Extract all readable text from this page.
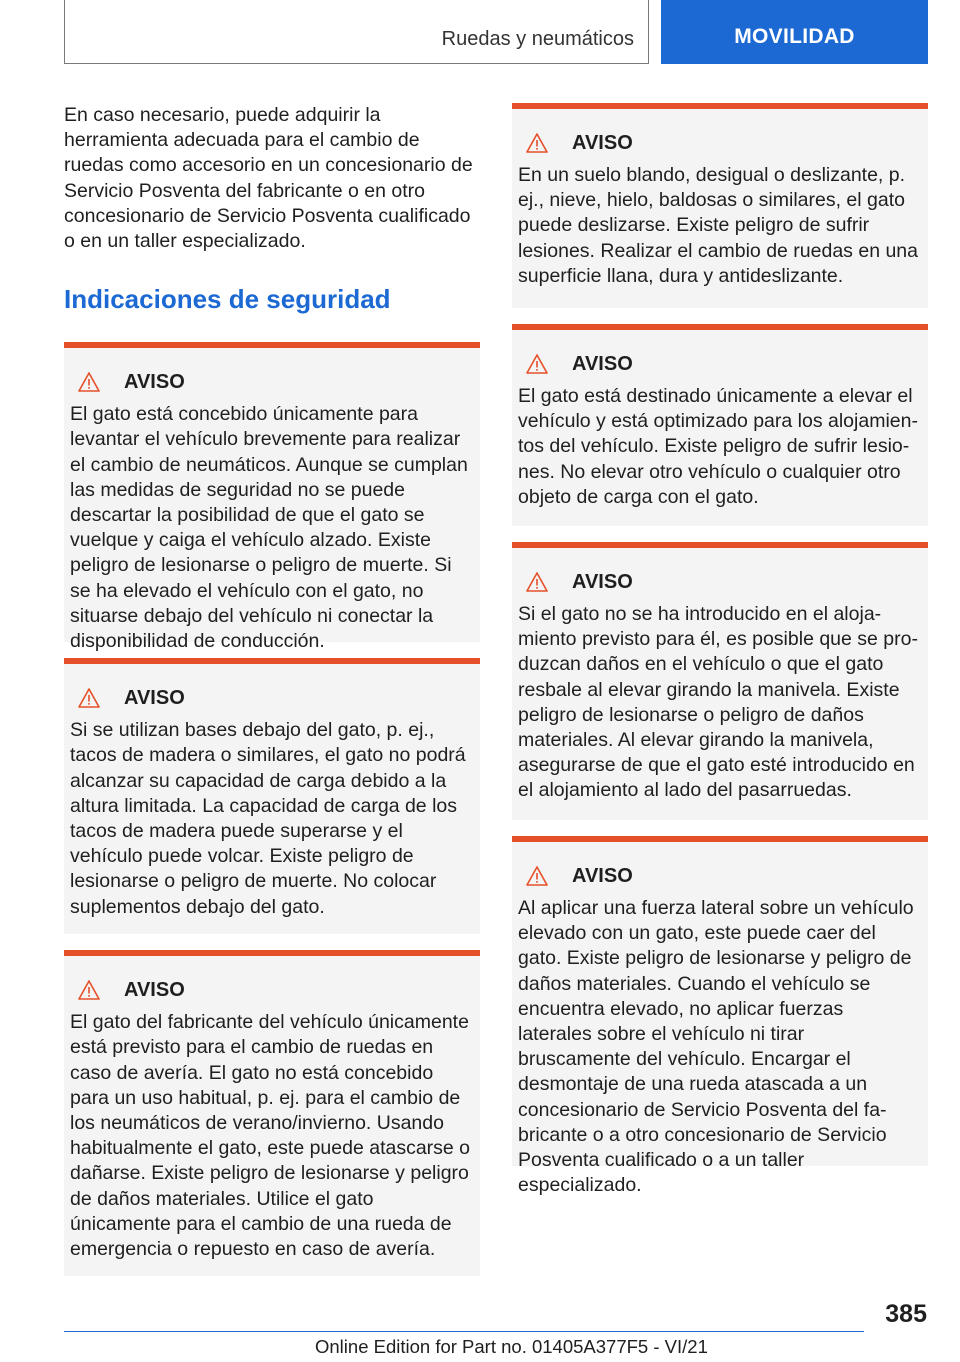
Ruedas y neumáticos	MOVILIDAD

En caso necesario, puede adquirir la herramienta adecuada para el cambio de ruedas como accesorio en un concesionario de Servicio Posventa del fabricante o en otro concesionario de Servicio Posventa cualificado o en un taller especializado.

Indicaciones de seguridad
AVISO

El gato está concebido únicamente para levantar el vehículo brevemente para realizar el cambio de neumáticos. Aunque se cumplan las medidas de seguridad no se puede descartar la posibilidad de que el gato se vuelque y caiga el vehículo alzado. Existe peligro de lesionarse o peligro de muerte. Si se ha elevado el vehículo con el gato, no situarse debajo del vehículo ni conectar la disponibilidad de conducción.

AVISO

Si se utilizan bases debajo del gato, p. ej., tacos de madera o similares, el gato no podrá alcanzar su capacidad de carga debido a la altura limitada. La capacidad de carga de los tacos de madera puede superarse y el vehículo puede volcar. Existe peligro de lesionarse o peligro de muerte. No colocar suplementos debajo del gato.

AVISO

El gato del fabricante del vehículo únicamente está previsto para el cambio de ruedas en caso de avería. El gato no está concebido para un uso habitual, p. ej. para el cambio de los neumáticos de verano/invierno. Usando habitualmente el gato, este puede atascarse o dañarse. Existe peligro de lesionarse y peligro de daños materiales. Utilice el gato únicamente para el cambio de una rueda de emergencia o repuesto en caso de avería.

AVISO

En un suelo blando, desigual o deslizante, p. ej., nieve, hielo, baldosas o similares, el gato puede deslizarse. Existe peligro de sufrir lesiones. Realizar el cambio de ruedas en una superficie llana, dura y antideslizante.

AVISO

El gato está destinado únicamente a elevar el vehículo y está optimizado para los alojamientos del vehículo. Existe peligro de sufrir lesiones. No elevar otro vehículo o cualquier otro objeto de carga con el gato.

AVISO

Si el gato no se ha introducido en el alojamiento previsto para él, es posible que se produzcan daños en el vehículo o que el gato resbale al elevar girando la manivela. Existe peligro de lesionarse o peligro de daños materiales. Al elevar girando la manivela, asegurarse de que el gato esté introducido en el alojamiento al lado del pasarruedas.

AVISO

Al aplicar una fuerza lateral sobre un vehículo elevado con un gato, este puede caer del gato. Existe peligro de lesionarse y peligro de daños materiales. Cuando el vehículo se encuentra elevado, no aplicar fuerzas laterales sobre el vehículo ni tirar bruscamente del vehículo. Encargar el desmontaje de una rueda atascada a un concesionario de Servicio Posventa del fabricante o a otro concesionario de Servicio Posventa cualificado o a un taller especializado.

385
Online Edition for Part no. 01405A377F5 - VI/21
